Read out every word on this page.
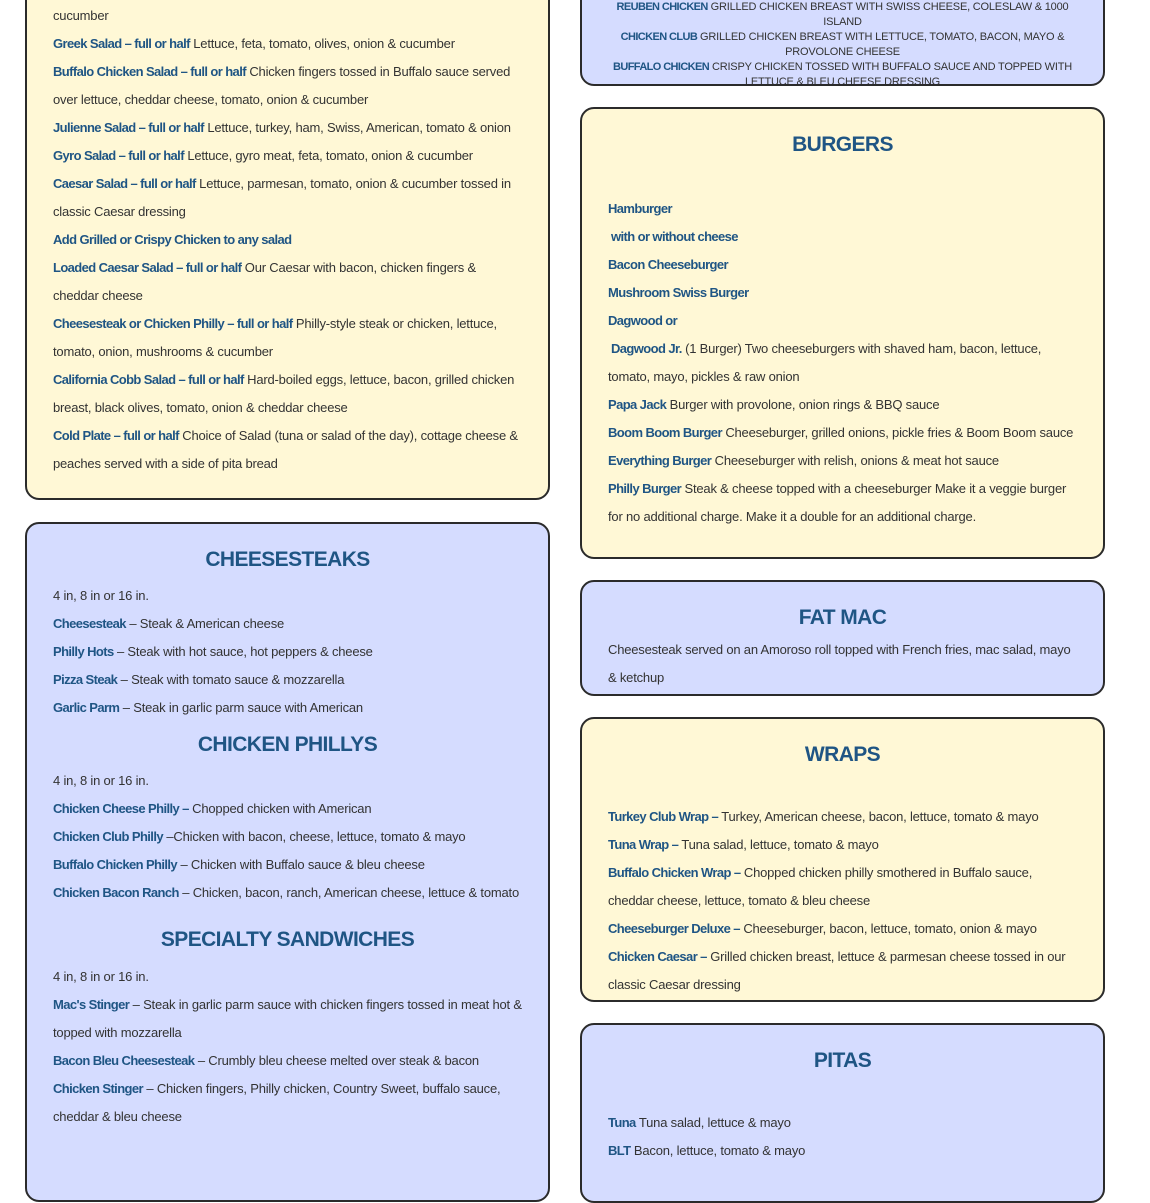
cucumber

Greek Salad – full or half Lettuce, feta, tomato, olives, onion & cucumber

Buffalo Chicken Salad – full or half Chicken fingers tossed in Buffalo sauce served over lettuce, cheddar cheese, tomato, onion & cucumber

Julienne Salad – full or half Lettuce, turkey, ham, Swiss, American, tomato & onion

Gyro Salad – full or half Lettuce, gyro meat, feta, tomato, onion & cucumber

Caesar Salad – full or half Lettuce, parmesan, tomato, onion & cucumber tossed in classic Caesar dressing

Add Grilled or Crispy Chicken to any salad

Loaded Caesar Salad – full or half Our Caesar with bacon, chicken fingers & cheddar cheese

Cheesesteak or Chicken Philly – full or half Philly-style steak or chicken, lettuce, tomato, onion, mushrooms & cucumber

California Cobb Salad – full or half Hard-boiled eggs, lettuce, bacon, grilled chicken breast, black olives, tomato, onion & cheddar cheese

Cold Plate – full or half Choice of Salad (tuna or salad of the day), cottage cheese & peaches served with a side of pita bread

CHEESESTEAKS

4 in, 8 in or 16 in.

Cheesesteak – Steak & American cheese

Philly Hots – Steak with hot sauce, hot peppers & cheese

Pizza Steak – Steak with tomato sauce & mozzarella

Garlic Parm – Steak in garlic parm sauce with American

CHICKEN PHILLYS

4 in, 8 in or 16 in.

Chicken Cheese Philly – Chopped chicken with American

Chicken Club Philly –Chicken with bacon, cheese, lettuce, tomato & mayo

Buffalo Chicken Philly – Chicken with Buffalo sauce & bleu cheese

Chicken Bacon Ranch – Chicken, bacon, ranch, American cheese, lettuce & tomato

SPECIALTY SANDWICHES

4 in, 8 in or 16 in.

Mac's Stinger – Steak in garlic parm sauce with chicken fingers tossed in meat hot & topped with mozzarella

Bacon Bleu Cheesesteak – Crumbly bleu cheese melted over steak & bacon

Chicken Stinger – Chicken fingers, Philly chicken, Country Sweet, buffalo sauce, cheddar & bleu cheese

REUBEN CHICKEN GRILLED CHICKEN BREAST WITH SWISS CHEESE, COLESLAW & 1000 ISLAND

CHICKEN CLUB GRILLED CHICKEN BREAST WITH LETTUCE, TOMATO, BACON, MAYO & PROVOLONE CHEESE

BUFFALO CHICKEN CRISPY CHICKEN TOSSED WITH BUFFALO SAUCE AND TOPPED WITH LETTUCE & BLEU CHEESE DRESSING

BURGERS

Hamburger

with or without cheese

Bacon Cheeseburger

Mushroom Swiss Burger

Dagwood or

Dagwood Jr. (1 Burger) Two cheeseburgers with shaved ham, bacon, lettuce, tomato, mayo, pickles & raw onion

Papa Jack Burger with provolone, onion rings & BBQ sauce

Boom Boom Burger Cheeseburger, grilled onions, pickle fries & Boom Boom sauce

Everything Burger Cheeseburger with relish, onions & meat hot sauce

Philly Burger Steak & cheese topped with a cheeseburger Make it a veggie burger for no additional charge. Make it a double for an additional charge.

FAT MAC

Cheesesteak served on an Amoroso roll topped with French fries, mac salad, mayo & ketchup

WRAPS

Turkey Club Wrap – Turkey, American cheese, bacon, lettuce, tomato & mayo

Tuna Wrap – Tuna salad, lettuce, tomato & mayo

Buffalo Chicken Wrap – Chopped chicken philly smothered in Buffalo sauce, cheddar cheese, lettuce, tomato & bleu cheese

Cheeseburger Deluxe – Cheeseburger, bacon, lettuce, tomato, onion & mayo

Chicken Caesar – Grilled chicken breast, lettuce & parmesan cheese tossed in our classic Caesar dressing

PITAS

Tuna Tuna salad, lettuce & mayo

BLT Bacon, lettuce, tomato & mayo
